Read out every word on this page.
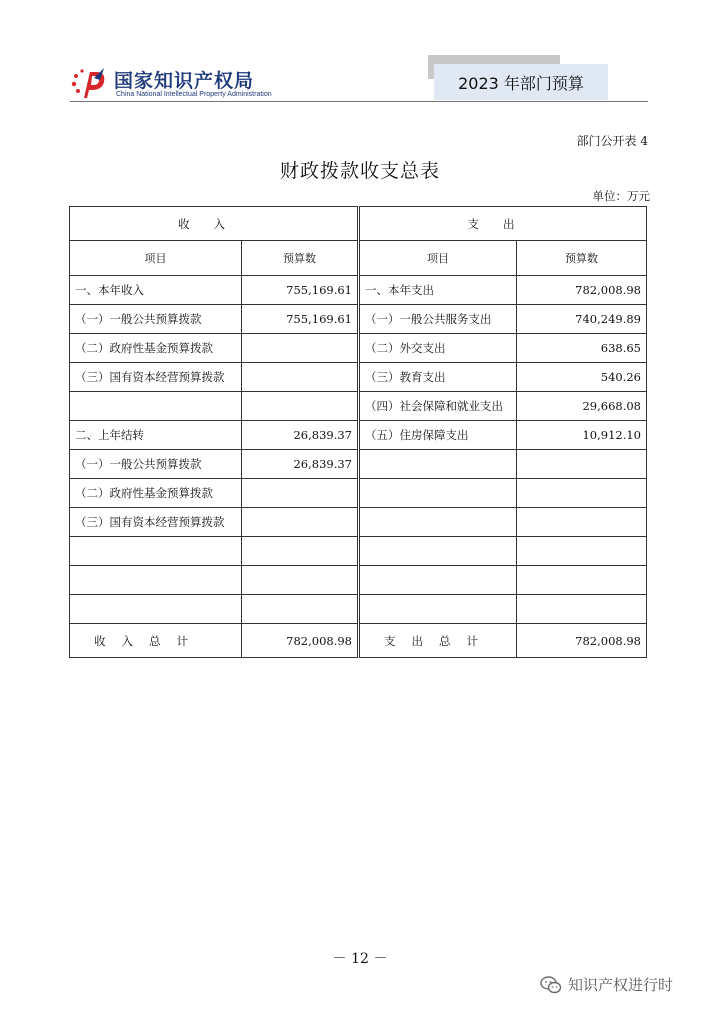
国家知识产权局
China National Intellectual Property Administration
2023 年部门预算
部门公开表 4
财政拨款收支总表
单位：万元
收入			支出	
项目	预算数		项目	预算数
一、本年收入	755,169.61		一、本年支出	782,008.98
（一）一般公共预算拨款	755,169.61		（一）一般公共服务支出	740,249.89
（二）政府性基金预算拨款			（二）外交支出	638.65
（三）国有资本经营预算拨款			（三）教育支出	540.26
			（四）社会保障和就业支出	29,668.08
二、上年结转	26,839.37		（五）住房保障支出	10,912.10
（一）一般公共预算拨款	26,839.37			
（二）政府性基金预算拨款				
（三）国有资本经营预算拨款				

收入总计	782,008.98		支出总计	782,008.98
－ 12 －
知识产权进行时
